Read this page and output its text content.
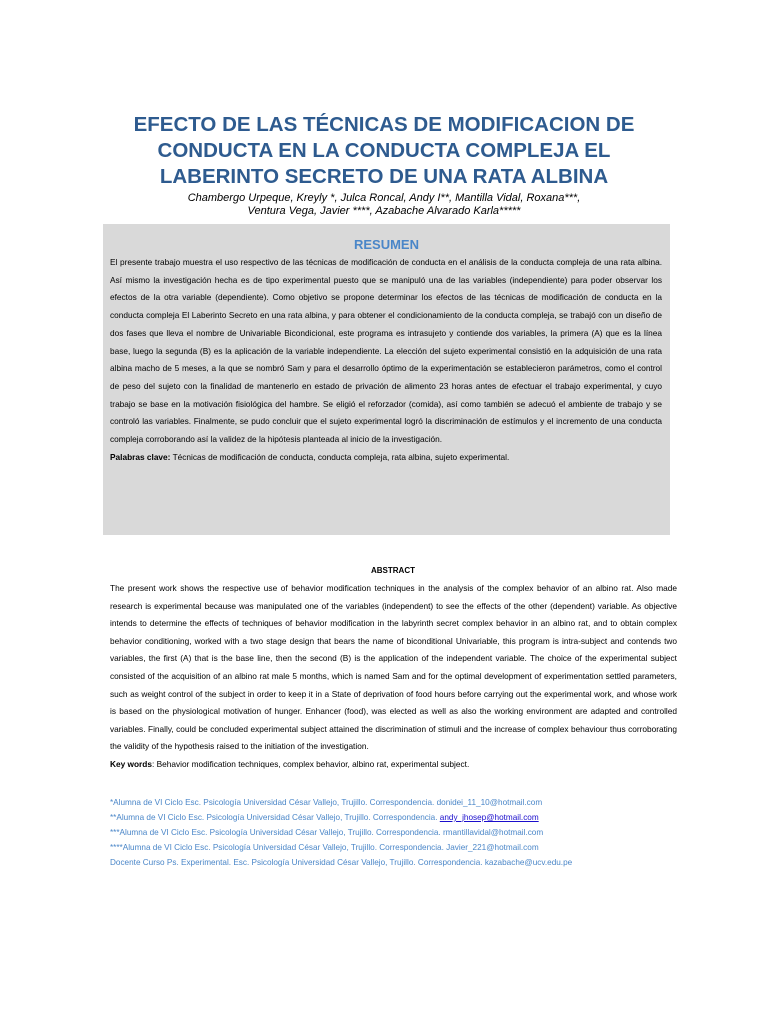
EFECTO DE LAS TÉCNICAS DE MODIFICACION DE CONDUCTA EN LA CONDUCTA COMPLEJA EL LABERINTO SECRETO DE UNA RATA ALBINA
Chambergo Urpeque, Kreyly *, Julca Roncal, Andy I**, Mantilla Vidal, Roxana***,
Ventura Vega, Javier ****, Azabache Alvarado Karla*****
RESUMEN

El presente trabajo muestra el uso respectivo de las técnicas de modificación de conducta en el análisis de la conducta compleja de una rata albina. Así mismo la investigación hecha es de tipo experimental puesto que se manipuló una de las variables (independiente) para poder observar los efectos de la otra variable (dependiente). Como objetivo se propone determinar los efectos de las técnicas de modificación de conducta en la conducta compleja El Laberinto Secreto en una rata albina, y para obtener el condicionamiento de la conducta compleja, se trabajó con un diseño de dos fases que lleva el nombre de Univariable Bicondicional, este programa es intrasujeto y contiende dos variables, la primera (A) que es la línea base, luego la segunda (B) es la aplicación de la variable independiente. La elección del sujeto experimental consistió en la adquisición de una rata albina macho de 5 meses, a la que se nombró Sam y para el desarrollo óptimo de la experimentación se establecieron parámetros, como el control de peso del sujeto con la finalidad de mantenerlo en estado de privación de alimento 23 horas antes de efectuar el trabajo experimental, y cuyo trabajo se base en la motivación fisiológica del hambre. Se eligió el reforzador (comida), así como también se adecuó el ambiente de trabajo y se controló las variables. Finalmente, se pudo concluir que el sujeto experimental logró la discriminación de estímulos y el incremento de una conducta compleja corroborando así la validez de la hipótesis planteada al inicio de la investigación.

Palabras clave: Técnicas de modificación de conducta, conducta compleja, rata albina, sujeto experimental.

ABSTRACT

The present work shows the respective use of behavior modification techniques in the analysis of the complex behavior of an albino rat. Also made research is experimental because was manipulated one of the variables (independent) to see the effects of the other (dependent) variable. As objective intends to determine the effects of techniques of behavior modification in the labyrinth secret complex behavior in an albino rat, and to obtain complex behavior conditioning, worked with a two stage design that bears the name of biconditional Univariable, this program is intra-subject and contends two variables, the first (A) that is the base line, then the second (B) is the application of the independent variable. The choice of the experimental subject consisted of the acquisition of an albino rat male 5 months, which is named Sam and for the optimal development of experimentation settled parameters, such as weight control of the subject in order to keep it in a State of deprivation of food hours before carrying out the experimental work, and whose work is based on the physiological motivation of hunger. Enhancer (food), was elected as well as also the working environment are adapted and controlled variables. Finally, could be concluded experimental subject attained the discrimination of stimuli and the increase of complex behaviour thus corroborating the validity of the hypothesis raised to the initiation of the investigation.

Key words: Behavior modification techniques, complex behavior, albino rat, experimental subject.

*Alumna de VI Ciclo Esc. Psicología Universidad César Vallejo, Trujillo. Correspondencia. donidei_11_10@hotmail.com
**Alumna de VI Ciclo Esc. Psicología Universidad César Vallejo, Trujillo. Correspondencia. andy_jhosep@hotmail.com
***Alumna de VI Ciclo Esc. Psicología Universidad César Vallejo, Trujillo. Correspondencia. rmantillavidal@hotmail.com
****Alumna de VI Ciclo Esc. Psicología Universidad César Vallejo, Trujillo. Correspondencia. Javier_221@hotmail.com
Docente Curso Ps. Experimental. Esc. Psicología Universidad César Vallejo, Trujillo. Correspondencia. kazabache@ucv.edu.pe
